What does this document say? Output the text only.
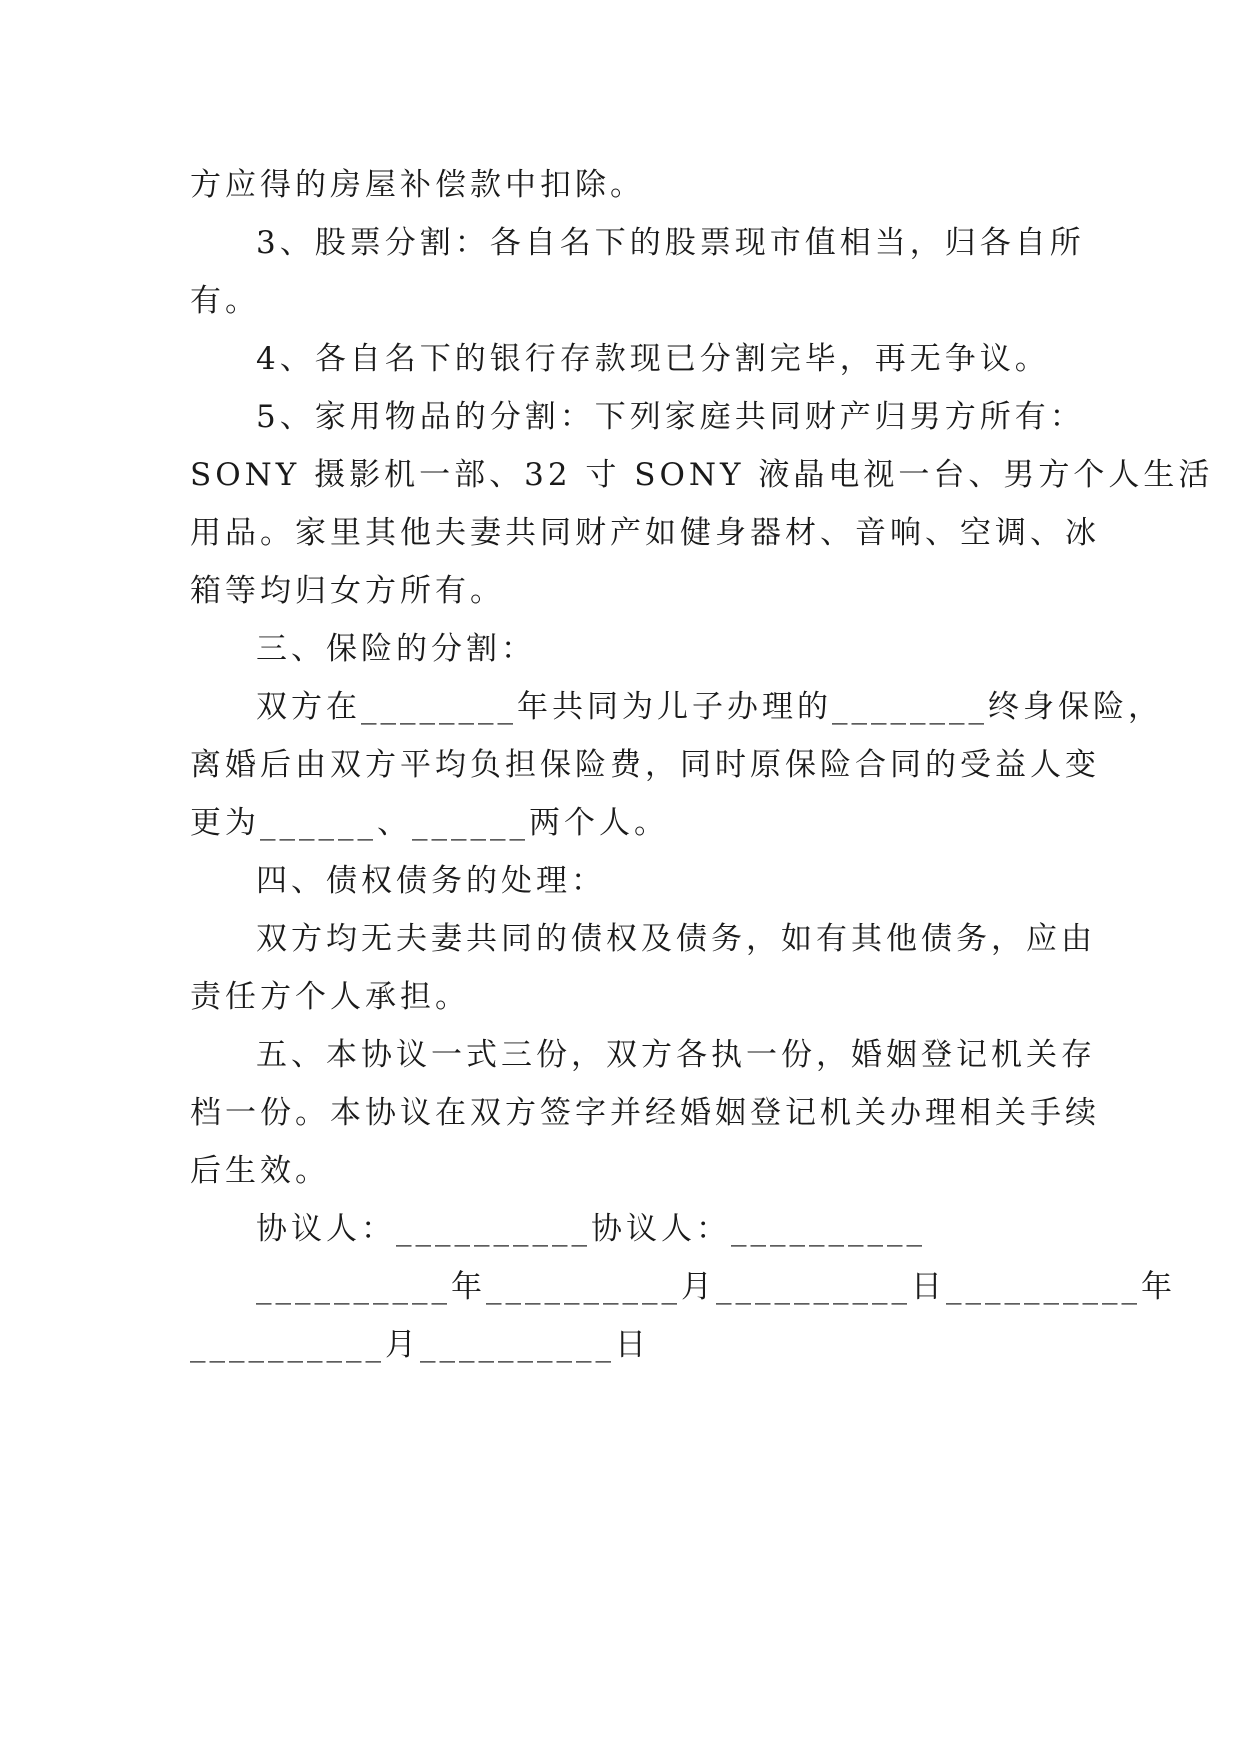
方应得的房屋补偿款中扣除。
3、股票分割：各自名下的股票现市值相当，归各自所
有。
4、各自名下的银行存款现已分割完毕，再无争议。
5、家用物品的分割：下列家庭共同财产归男方所有：
SONY 摄影机一部、32 寸 SONY 液晶电视一台、男方个人生活
用品。家里其他夫妻共同财产如健身器材、音响、空调、冰
箱等均归女方所有。
三、保险的分割：
双方在________年共同为儿子办理的________终身保险，
离婚后由双方平均负担保险费，同时原保险合同的受益人变
更为______、______两个人。
四、债权债务的处理：
双方均无夫妻共同的债权及债务，如有其他债务，应由
责任方个人承担。
五、本协议一式三份，双方各执一份，婚姻登记机关存
档一份。本协议在双方签字并经婚姻登记机关办理相关手续
后生效。
协议人：__________协议人：__________
__________年__________月__________日__________年
__________月__________日
